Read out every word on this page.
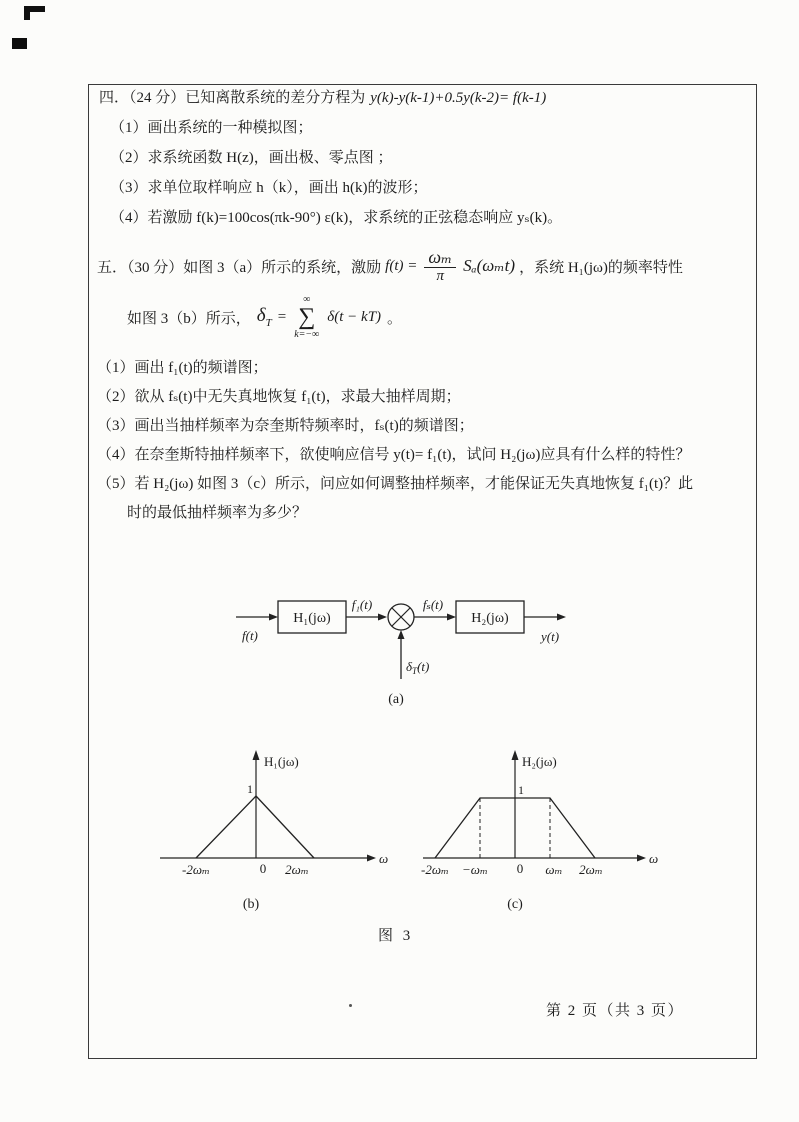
四．（24 分）已知离散系统的差分方程为 y(k)-y(k-1)+0.5y(k-2)= f(k-1)
（1）画出系统的一种模拟图；
（2）求系统函数 H(z)，画出极、零点图 ；
（3）求单位取样响应 h（k），画出 h(k)的波形；
（4）若激励 f(k)=100cos(πk-90°) ε(k)，求系统的正弦稳态响应 yₛ(k)。
五．（30 分）如图 3（a）所示的系统，激励 $f(t) = \frac{\text{ωₘ}}{\pi} S_a(\omega_mt)$ ，系统 H₁(jω)的频率特性
如图 3（b）所示， $\delta_T$ =
∞
∑
k=−∞
δ(t − kT) 。
（1）画出 f₁(t)的频谱图；
（2）欲从 fₛ(t)中无失真地恢复 f₁(t)，求最大抽样周期；
（3）画出当抽样频率为奈奎斯特频率时，fₛ(t)的频谱图；
（4）在奈奎斯特抽样频率下，欲使响应信号 y(t)= f₁(t)，试问 H₂(jω)应具有什么样的特性？
（5）若 H₂(jω) 如图 3（c）所示，问应如何调整抽样频率，才能保证无失真地恢复 f₁(t)？此
时的最低抽样频率为多少？
f(t)
H₁(jω)
f₁(t)	fₛ(t)
H₂(jω)
y(t)
$\delta_T(t)$
(a)
H₁(jω)
1
ω
-2ωₘ	0 2ωₘ
(b)
H₂(jω)
1
ω
-2ωₘ −ωₘ 0 ωₘ 2ωₘ
(c)
图 3
第 2 页（共 3 页）
